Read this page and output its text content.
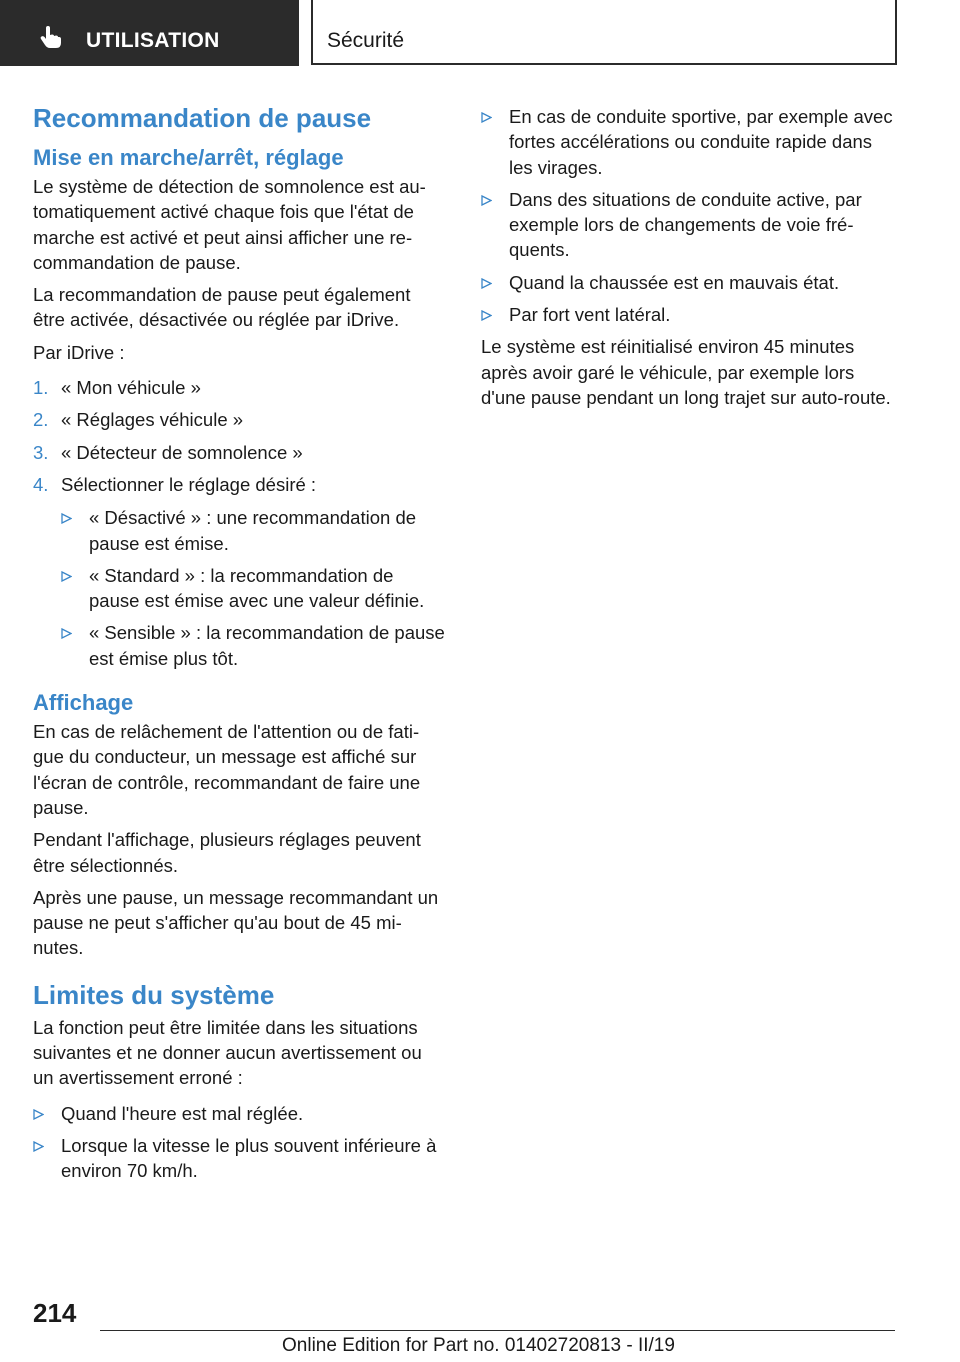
UTILISATION	Sécurité
Recommandation de pause
Mise en marche/arrêt, réglage

Le système de détection de somnolence est au‐tomatiquement activé chaque fois que l'état de marche est activé et peut ainsi afficher une re‐commandation de pause.

La recommandation de pause peut également être activée, désactivée ou réglée par iDrive.

Par iDrive :

1. « Mon véhicule »
2. « Réglages véhicule »
3. « Détecteur de somnolence »
4. Sélectionner le réglage désiré :
« Désactivé » : une recommandation de pause est émise.
« Standard » : la recommandation de pause est émise avec une valeur définie.
« Sensible » : la recommandation de pause est émise plus tôt.
Affichage

En cas de relâchement de l'attention ou de fati‐gue du conducteur, un message est affiché sur l'écran de contrôle, recommandant de faire une pause.

Pendant l'affichage, plusieurs réglages peuvent être sélectionnés.

Après une pause, un message recommandant un pause ne peut s'afficher qu'au bout de 45 mi‐nutes.

Limites du système

La fonction peut être limitée dans les situations suivantes et ne donner aucun avertissement ou un avertissement erroné :

Quand l'heure est mal réglée.
Lorsque la vitesse le plus souvent inférieure à environ 70 km/h.
En cas de conduite sportive, par exemple avec fortes accélérations ou conduite rapide dans les virages.
Dans des situations de conduite active, par exemple lors de changements de voie fré‐quents.
Quand la chaussée est en mauvais état.
Par fort vent latéral.

Le système est réinitialisé environ 45 minutes après avoir garé le véhicule, par exemple lors d'une pause pendant un long trajet sur auto‐route.

214
Online Edition for Part no. 01402720813 - II/19
